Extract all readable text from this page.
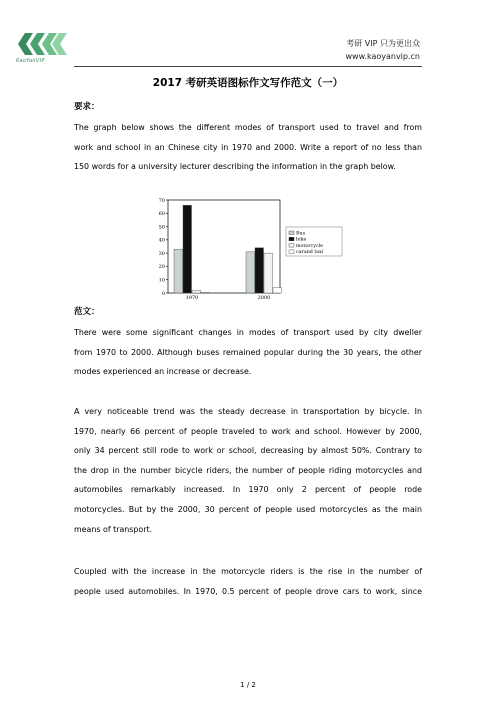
KaoYanVIP
考研 VIP 只为更出众
www.kaoyanvip.cn
2017 考研英语图标作文写作范文（一）
要求：
The graph below shows the different modes of transport used to travel and from
work and school in an Chinese city in 1970 and 2000. Write a report of no less than
150 words for a university lecturer describing the information in the graph below.
0
10
20
30
40
50
60
70
1970	2000
Bus
bike
motorcycle
carand taxi
范文：
There were some significant changes in modes of transport used by city dweller
from 1970 to 2000. Although buses remained popular during the 30 years, the other
modes experienced an increase or decrease.
A very noticeable trend was the steady decrease in transportation by bicycle. In
1970, nearly 66 percent of people traveled to work and school. However by 2000,
only 34 percent still rode to work or school, decreasing by almost 50%. Contrary to
the drop in the number bicycle riders, the number of people riding motorcycles and
automobiles remarkably increased. In 1970 only 2 percent of people rode
motorcycles. But by the 2000, 30 percent of people used motorcycles as the main
means of transport.
Coupled with the increase in the motorcycle riders is the rise in the number of
people used automobiles. In 1970, 0.5 percent of people drove cars to work, since
1 / 2
